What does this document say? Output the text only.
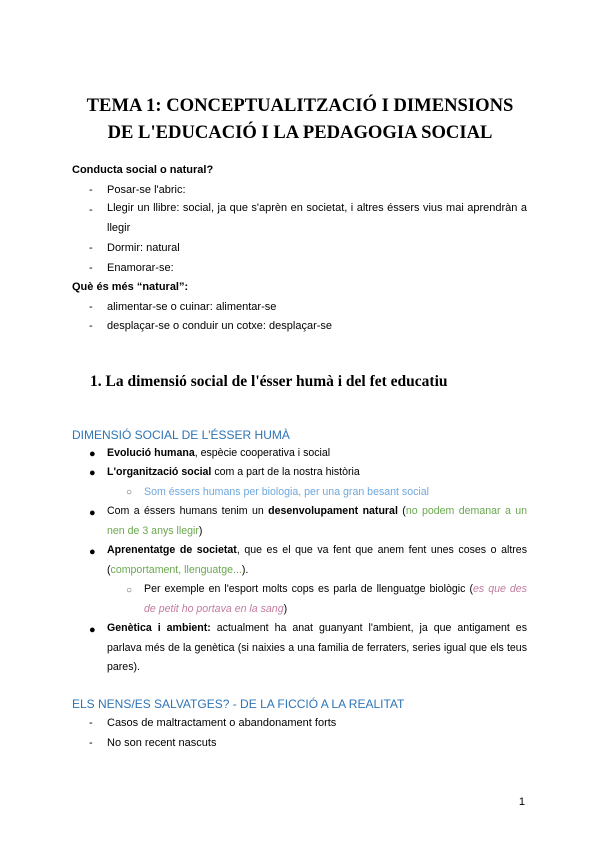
TEMA 1: CONCEPTUALITZACIÓ I DIMENSIONS
DE L'EDUCACIÓ I LA PEDAGOGIA SOCIAL
Conducta social o natural?
- Posar-se l'abric:
- Llegir un llibre: social, ja que s'aprèn en societat, i altres éssers vius mai aprendràn a llegir
- Dormir: natural
- Enamorar-se:
Què és més “natural”:
- alimentar-se o cuinar: alimentar-se
- desplaçar-se o conduir un cotxe: desplaçar-se
1. La dimensió social de l'ésser humà i del fet educatiu
DIMENSIÓ SOCIAL DE L'ÉSSER HUMÀ
● Evolució humana, espècie cooperativa i social
● L'organització social com a part de la nostra història
○ Som éssers humans per biologia, per una gran besant social
● Com a éssers humans tenim un desenvolupament natural (no podem demanar a un nen de 3 anys llegir)
● Aprenentatge de societat, que es el que va fent que anem fent unes coses o altres (comportament, llenguatge...).
○ Per exemple en l'esport molts cops es parla de llenguatge biològic (es que des de petit ho portava en la sang)
● Genètica i ambient: actualment ha anat guanyant l'ambient, ja que antigament es parlava més de la genètica (si naixies a una familia de ferraters, series igual que els teus pares).
ELS NENS/ES SALVATGES? - DE LA FICCIÓ A LA REALITAT
- Casos de maltractament o abandonament forts
- No son recent nascuts
1
